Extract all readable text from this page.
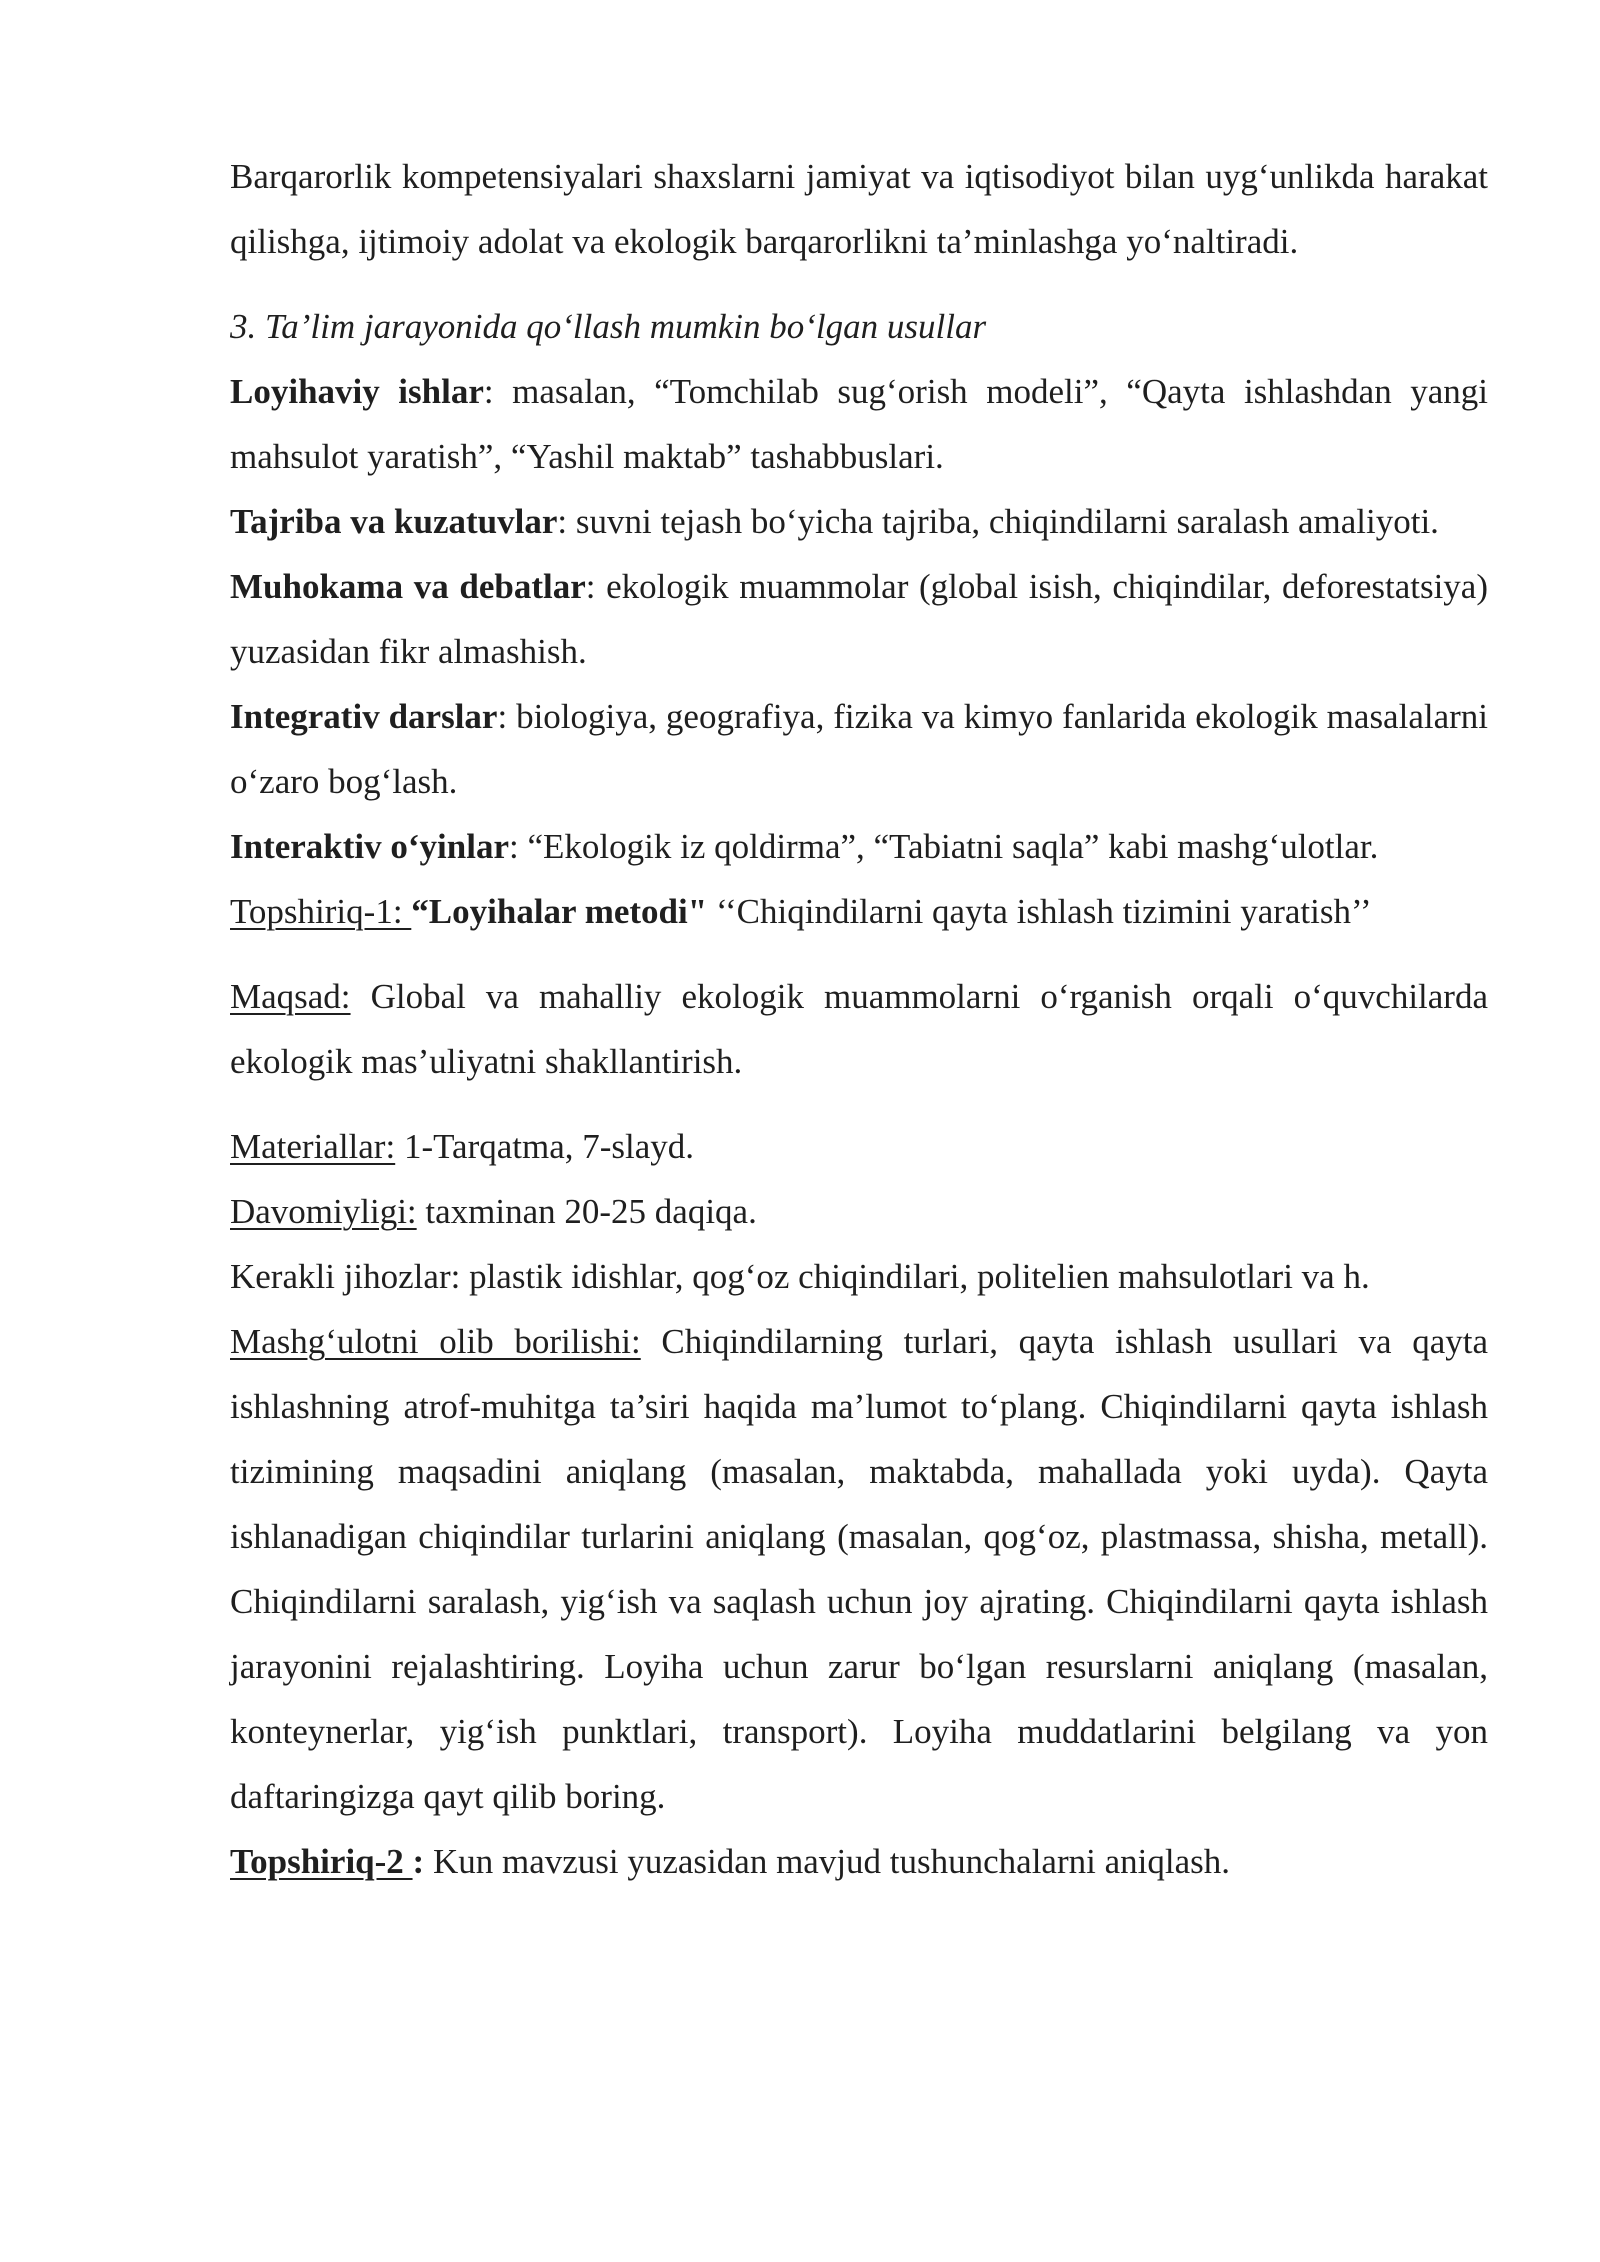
Barqarorlik kompetensiyalari shaxslarni jamiyat va iqtisodiyot bilan uyg‘unlikda harakat qilishga, ijtimoiy adolat va ekologik barqarorlikni ta’minlashga yo‘naltiradi.

3. Ta’lim jarayonida qo‘llash mumkin bo‘lgan usullar

Loyihaviy ishlar: masalan, “Tomchilab sug‘orish modeli”, “Qayta ishlashdan yangi mahsulot yaratish”, “Yashil maktab” tashabbuslari.

Tajriba va kuzatuvlar: suvni tejash bo‘yicha tajriba, chiqindilarni saralash amaliyoti.

Muhokama va debatlar: ekologik muammolar (global isish, chiqindilar, deforestatsiya) yuzasidan fikr almashish.

Integrativ darslar: biologiya, geografiya, fizika va kimyo fanlarida ekologik masalalarni o‘zaro bog‘lash.

Interaktiv o‘yinlar: “Ekologik iz qoldirma”, “Tabiatni saqla” kabi mashg‘ulotlar.

Topshiriq-1: “Loyihalar metodi" ‘‘Chiqindilarni qayta ishlash tizimini yaratish’’

Maqsad: Global va mahalliy ekologik muammolarni o‘rganish orqali o‘quvchilarda ekologik mas’uliyatni shakllantirish.

Materiallar: 1-Tarqatma, 7-slayd.

Davomiyligi: taxminan 20-25 daqiqa.

Kerakli jihozlar: plastik idishlar, qog‘oz chiqindilari, politelien mahsulotlari va h.

Mashg‘ulotni olib borilishi: Chiqindilarning turlari, qayta ishlash usullari va qayta ishlashning atrof-muhitga ta’siri haqida ma’lumot to‘plang. Chiqindilarni qayta ishlash tizimining maqsadini aniqlang (masalan, maktabda, mahallada yoki uyda). Qayta ishlanadigan chiqindilar turlarini aniqlang (masalan, qog‘oz, plastmassa, shisha, metall). Chiqindilarni saralash, yig‘ish va saqlash uchun joy ajrating. Chiqindilarni qayta ishlash jarayonini rejalashtiring. Loyiha uchun zarur bo‘lgan resurslarni aniqlang (masalan, konteynerlar, yig‘ish punktlari, transport). Loyiha muddatlarini belgilang va yon daftaringizga qayt qilib boring.

Topshiriq-2 : Kun mavzusi yuzasidan mavjud tushunchalarni aniqlash.
